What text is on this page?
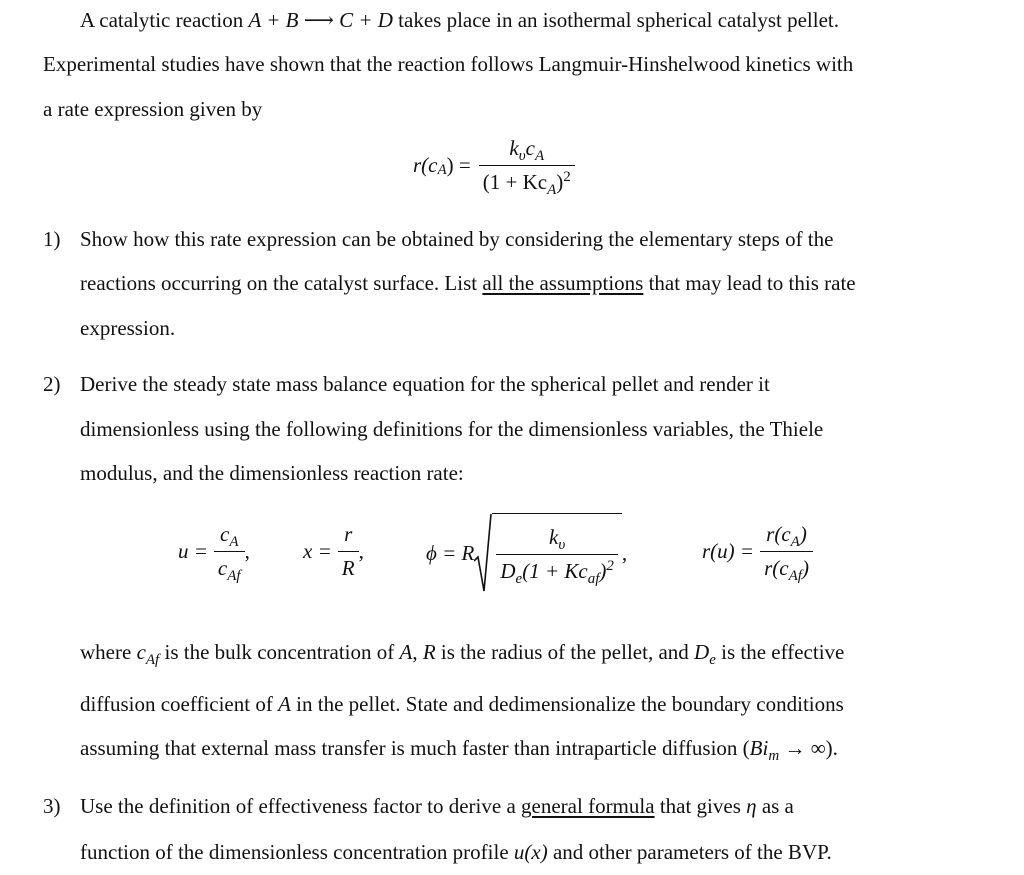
A catalytic reaction A + B ⟶ C + D takes place in an isothermal spherical catalyst pellet.
Experimental studies have shown that the reaction follows Langmuir-Hinshelwood kinetics with
a rate expression given by
r(c A ) = $\frac{k_\upsilon c_A}{(1 + Kc_A)^2}$
1) Show how this rate expression can be obtained by considering the elementary steps of the
reactions occurring on the catalyst surface. List all the assumptions that may lead to this rate
expression.
2) Derive the steady state mass balance equation for the spherical pellet and render it
dimensionless using the following definitions for the dimensionless variables, the Thiele
modulus, and the dimensionless reaction rate:
$u = \frac{c_A}{c_{Af}}$ ,	$x = \frac{r}{R}$ ,	ϕ = R $\frac{k_\upsilon}{D_e(1 + Kc_{af})^2}$ ,	$r(u) = \frac{r(c_A)}{r(c_{Af})}$
where $c_{Af}$ is the bulk concentration of A, R is the radius of the pellet, and $D_e$ is the effective
diffusion coefficient of A in the pellet. State and dedimensionalize the boundary conditions
assuming that external mass transfer is much faster than intraparticle diffusion ($Bi_m$ → ∞).
3) Use the definition of effectiveness factor to derive a general formula that gives η as a
function of the dimensionless concentration profile u(x) and other parameters of the BVP.
